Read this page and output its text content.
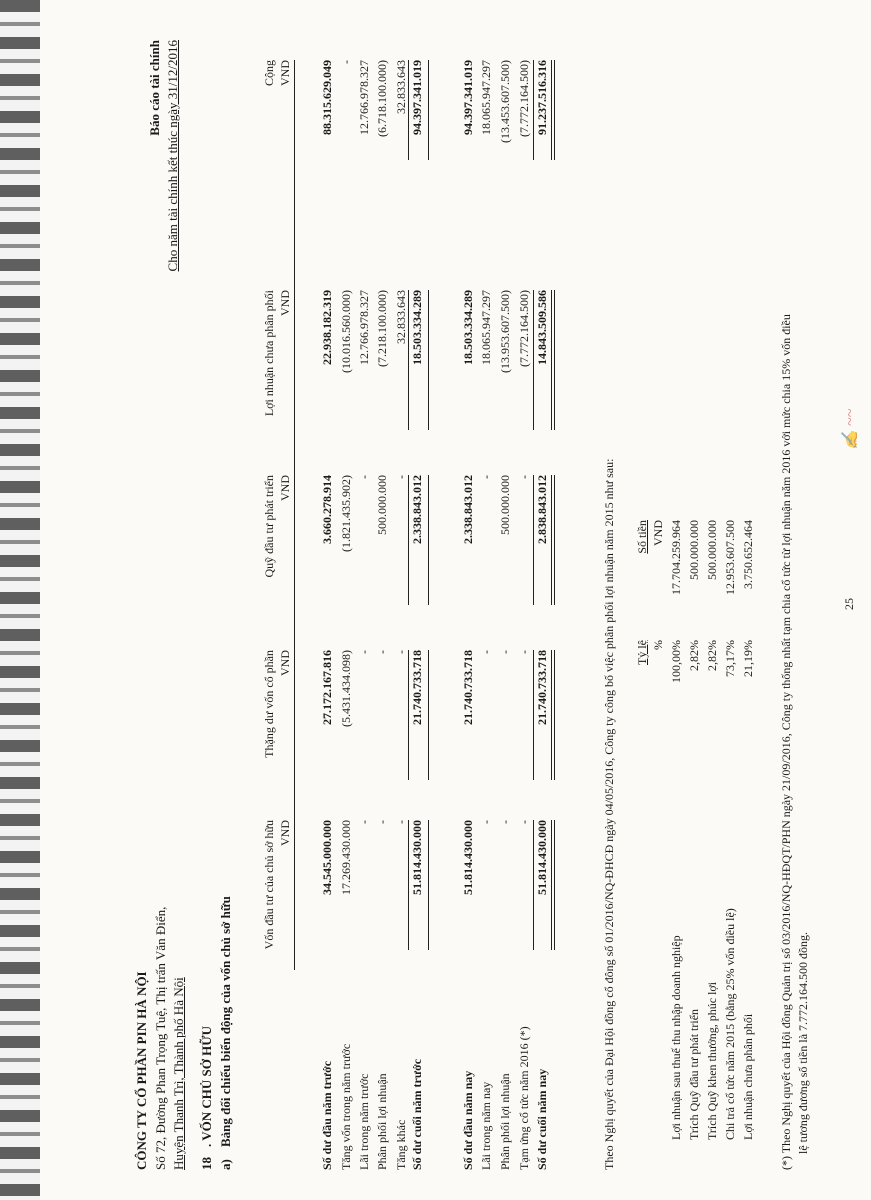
CÔNG TY CỔ PHẦN PIN HÀ NỘI Số 72, Đường Phan Trọng Tuệ, Thị trấn Văn Điển, Huyện Thanh Trì, Thành phố Hà Nội
Báo cáo tài chính Cho năm tài chính kết thúc ngày 31/12/2016
18
. VỐN CHỦ SỞ HỮU
a)
Bảng đối chiếu biến động của vốn chủ sở hữu
Vốn đầu tư của chủ sở hữu VND
Thặng dư vốn cổ phần VND
Quỹ đầu tư phát triển VND
Lợi nhuận chưa phân phối VND
Cộng VND
Theo Nghị quyết của Đại Hội đồng cổ đông số 01/2016/NQ-ĐHCĐ ngày 04/05/2016, Công ty công bố việc phân phối lợi nhuận năm 2015 như sau: Tỷ lệ %
Số tiền VND	(*) Theo Nghị quyết của Hội đồng Quản trị số 03/2016/NQ-HĐQT/PHN ngày 21/09/2016, Công ty thống nhất tạm chia cổ tức từ lợi nhuận năm 2016 với mức chia 15% vốn điều lệ tương đương số tiền là 7.772.164.500 đồng.
25
✍ ~~
Số dư đầu năm trước
34.545.000.000
27.172.167.816
3.660.278.914
22.938.182.319
88.315.629.049
Tăng vốn trong năm trước
17.269.430.000
(5.431.434.098)
(1.821.435.902)
(10.016.560.000)
-
Lãi trong năm trước
-
-
-
12.766.978.327
12.766.978.327
Phân phối lợi nhuận
-
-
500.000.000
(7.218.100.000)
(6.718.100.000)
Tăng khác
-
-
-
32.833.643
32.833.643
Số dư cuối năm trước
51.814.430.000
21.740.733.718
2.338.843.012
18.503.334.289
94.397.341.019
Số dư đầu năm nay
51.814.430.000
21.740.733.718
2.338.843.012
18.503.334.289
94.397.341.019
Lãi trong năm nay
-
-
-
18.065.947.297
18.065.947.297
Phân phối lợi nhuận
-
-
500.000.000
(13.953.607.500)
(13.453.607.500)
Tạm ứng cổ tức năm 2016 (*)
-
-
-
(7.772.164.500)
(7.772.164.500)
Số dư cuối năm nay
51.814.430.000
21.740.733.718
2.838.843.012
14.843.509.586
91.237.516.316
Lợi nhuận sau thuế thu nhập doanh nghiệp
100,00%
17.704.259.964
Trích Quỹ đầu tư phát triển
2,82%
500.000.000
Trích Quỹ khen thưởng, phúc lợi
2,82%
500.000.000
Chi trả cổ tức năm 2015 (bằng 25% vốn điều lệ)
73,17%
12.953.607.500
Lợi nhuận chưa phân phối
21,19%
3.750.652.464
